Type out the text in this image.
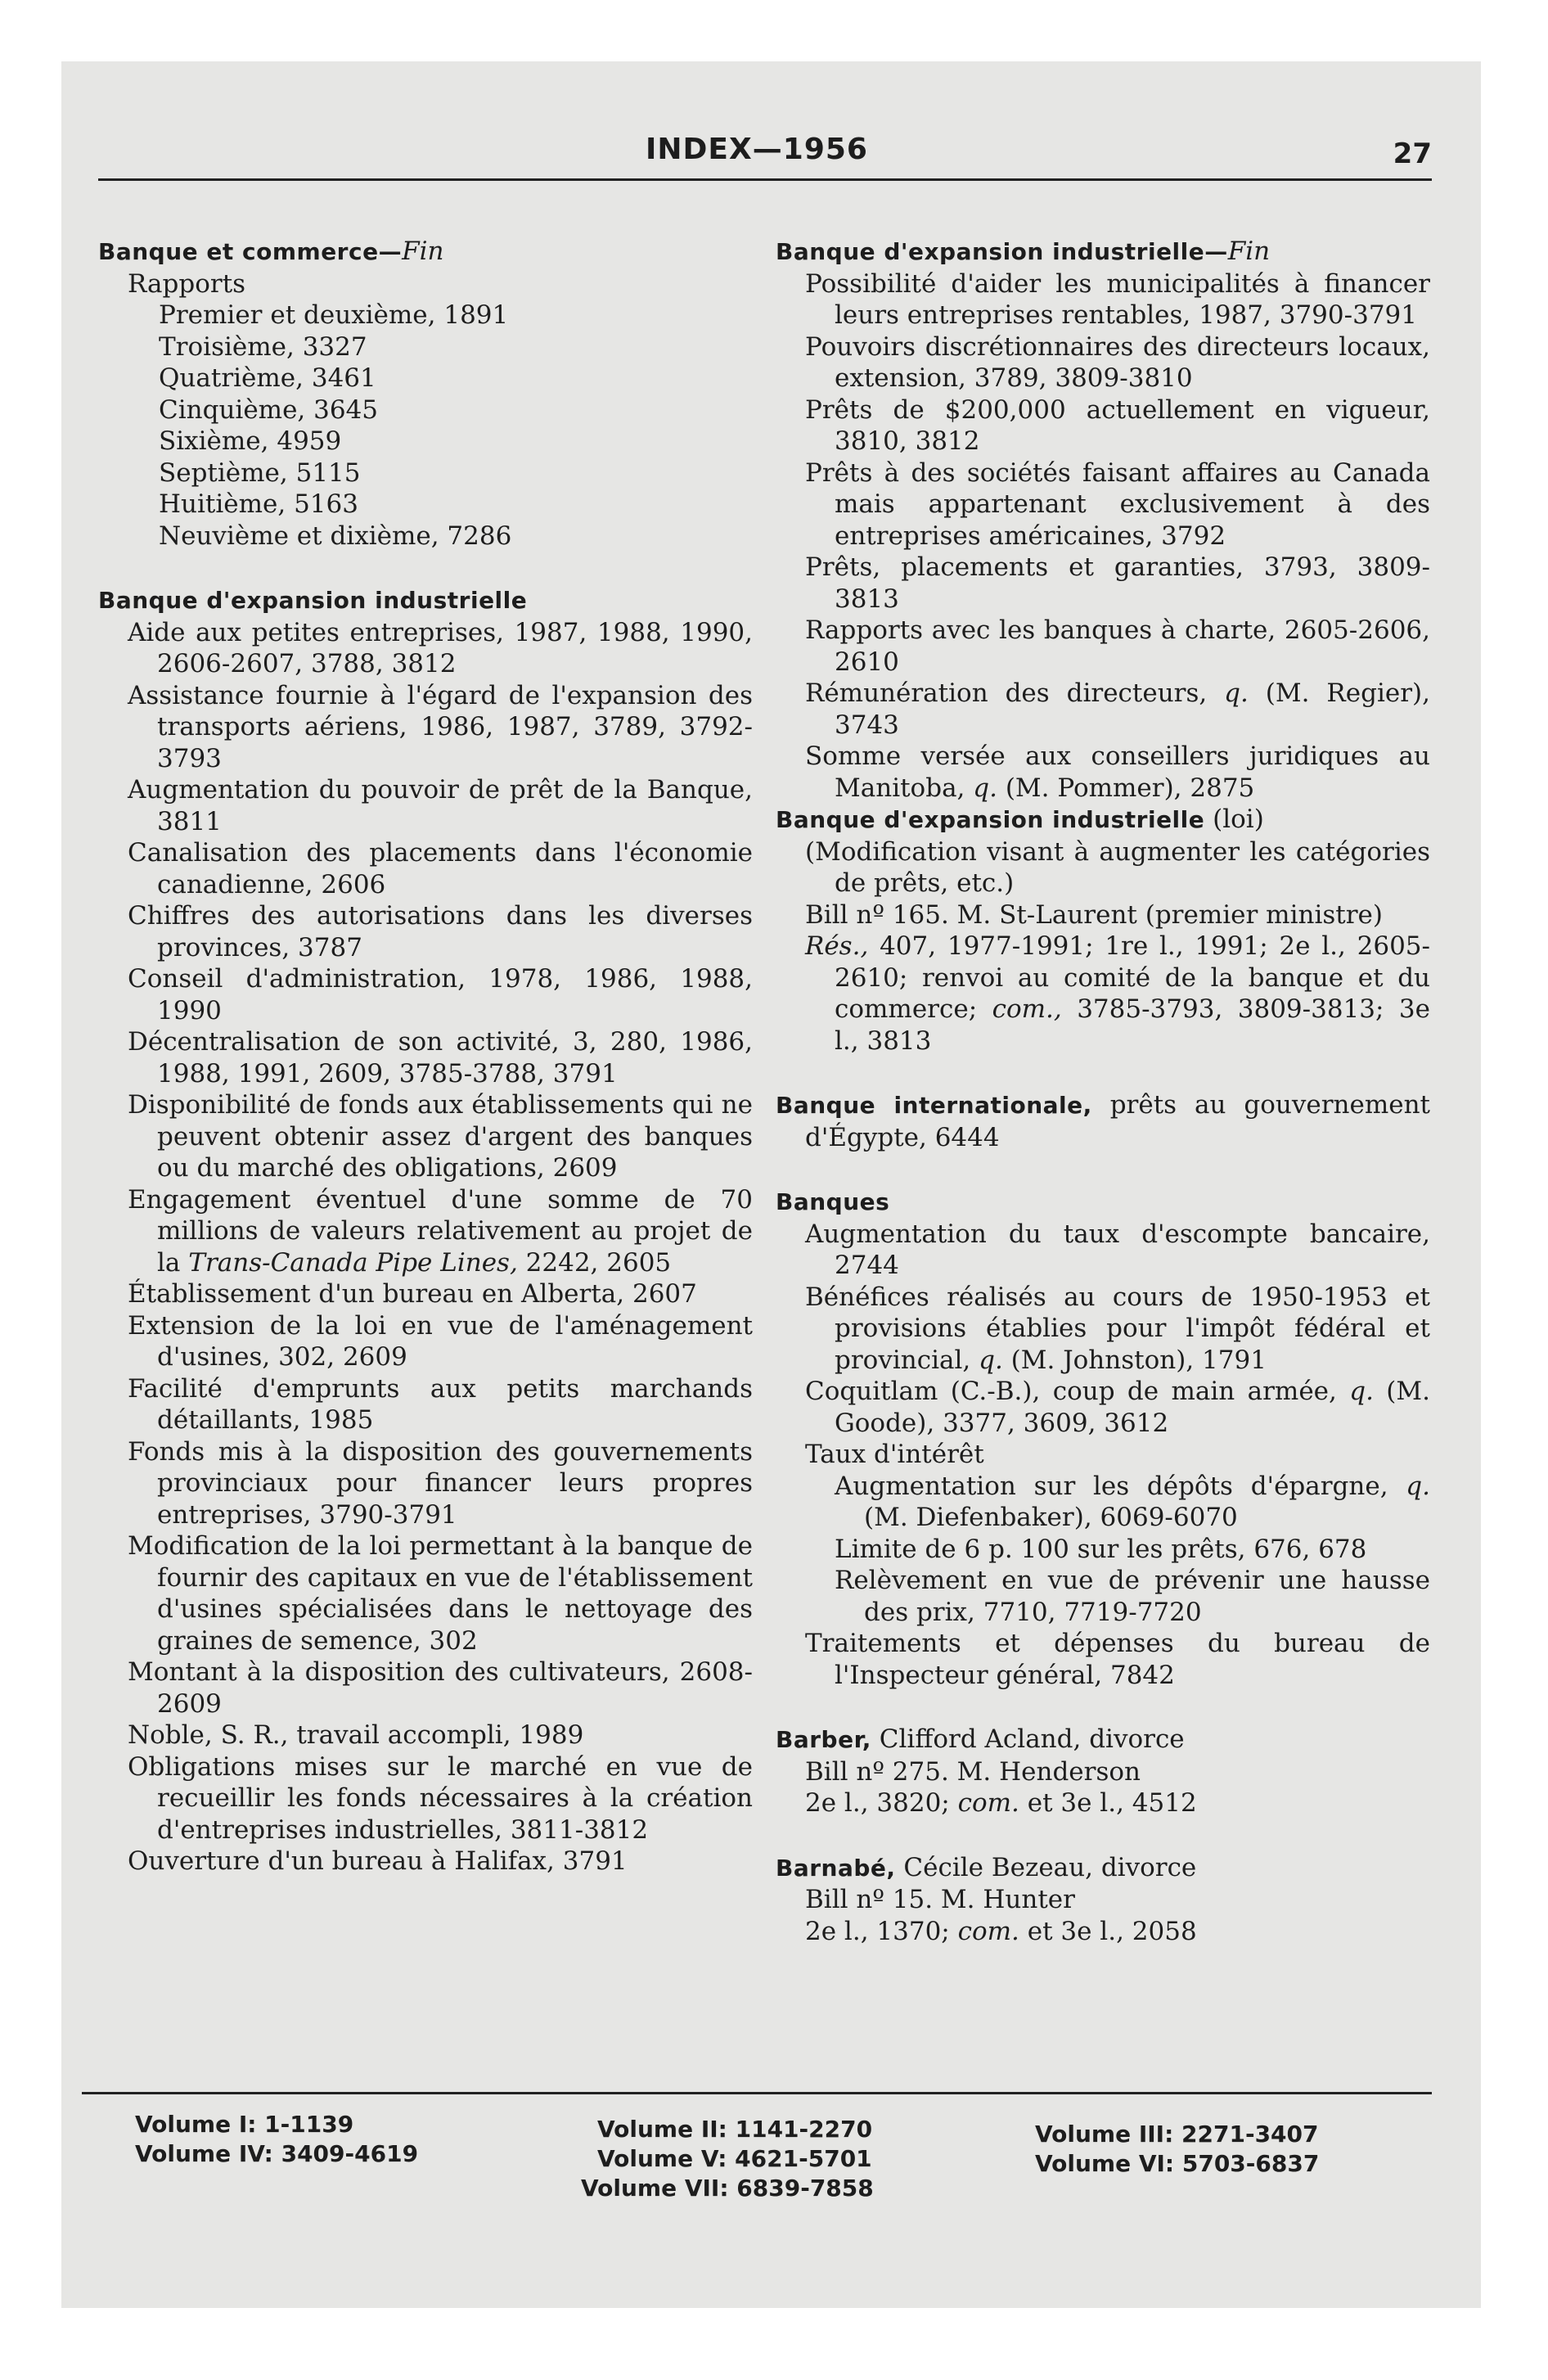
INDEX—1956	27
Banque et commerce—Fin
Rapports
Premier et deuxième, 1891
Troisième, 3327
Quatrième, 3461
Cinquième, 3645
Sixième, 4959
Septième, 5115
Huitième, 5163
Neuvième et dixième, 7286
Banque d'expansion industrielle
Aide aux petites entreprises, 1987, 1988, 1990, 2606-2607, 3788, 3812
Assistance fournie à l'égard de l'expansion des transports aériens, 1986, 1987, 3789, 3792-3793
Augmentation du pouvoir de prêt de la Banque, 3811
Canalisation des placements dans l'économie canadienne, 2606
Chiffres des autorisations dans les diverses provinces, 3787
Conseil d'administration, 1978, 1986, 1988, 1990
Décentralisation de son activité, 3, 280, 1986, 1988, 1991, 2609, 3785-3788, 3791
Disponibilité de fonds aux établissements qui ne peuvent obtenir assez d'argent des banques ou du marché des obligations, 2609
Engagement éventuel d'une somme de 70 millions de valeurs relativement au projet de la Trans-Canada Pipe Lines, 2242, 2605
Établissement d'un bureau en Alberta, 2607
Extension de la loi en vue de l'aménagement d'usines, 302, 2609
Facilité d'emprunts aux petits marchands détaillants, 1985
Fonds mis à la disposition des gouvernements provinciaux pour financer leurs propres entreprises, 3790-3791
Modification de la loi permettant à la banque de fournir des capitaux en vue de l'établissement d'usines spécialisées dans le nettoyage des graines de semence, 302
Montant à la disposition des cultivateurs, 2608-2609
Noble, S. R., travail accompli, 1989
Obligations mises sur le marché en vue de recueillir les fonds nécessaires à la création d'entreprises industrielles, 3811-3812
Ouverture d'un bureau à Halifax, 3791
Banque d'expansion industrielle—Fin
Possibilité d'aider les municipalités à financer leurs entreprises rentables, 1987, 3790-3791
Pouvoirs discrétionnaires des directeurs locaux, extension, 3789, 3809-3810
Prêts de $200,000 actuellement en vigueur, 3810, 3812
Prêts à des sociétés faisant affaires au Canada mais appartenant exclusivement à des entreprises américaines, 3792
Prêts, placements et garanties, 3793, 3809-3813
Rapports avec les banques à charte, 2605-2606, 2610
Rémunération des directeurs, q. (M. Regier), 3743
Somme versée aux conseillers juridiques au Manitoba, q. (M. Pommer), 2875
Banque d'expansion industrielle (loi)
(Modification visant à augmenter les catégories de prêts, etc.)
Bill nº 165. M. St-Laurent (premier ministre)
Rés., 407, 1977-1991; 1re l., 1991; 2e l., 2605-2610; renvoi au comité de la banque et du commerce; com., 3785-3793, 3809-3813; 3e l., 3813
Banque internationale, prêts au gouvernement d'Égypte, 6444
Banques
Augmentation du taux d'escompte bancaire, 2744
Bénéfices réalisés au cours de 1950-1953 et provisions établies pour l'impôt fédéral et provincial, q. (M. Johnston), 1791
Coquitlam (C.-B.), coup de main armée, q. (M. Goode), 3377, 3609, 3612
Taux d'intérêt
Augmentation sur les dépôts d'épargne, q. (M. Diefenbaker), 6069-6070
Limite de 6 p. 100 sur les prêts, 676, 678
Relèvement en vue de prévenir une hausse des prix, 7710, 7719-7720
Traitements et dépenses du bureau de l'Inspecteur général, 7842
Barber, Clifford Acland, divorce
Bill nº 275. M. Henderson
2e l., 3820; com. et 3e l., 4512
Barnabé, Cécile Bezeau, divorce
Bill nº 15. M. Hunter
2e l., 1370; com. et 3e l., 2058
Volume I: 1-1139
Volume IV: 3409-4619
Volume II: 1141-2270
Volume V: 4621-5701
Volume VII: 6839-7858
Volume III: 2271-3407
Volume VI: 5703-6837
